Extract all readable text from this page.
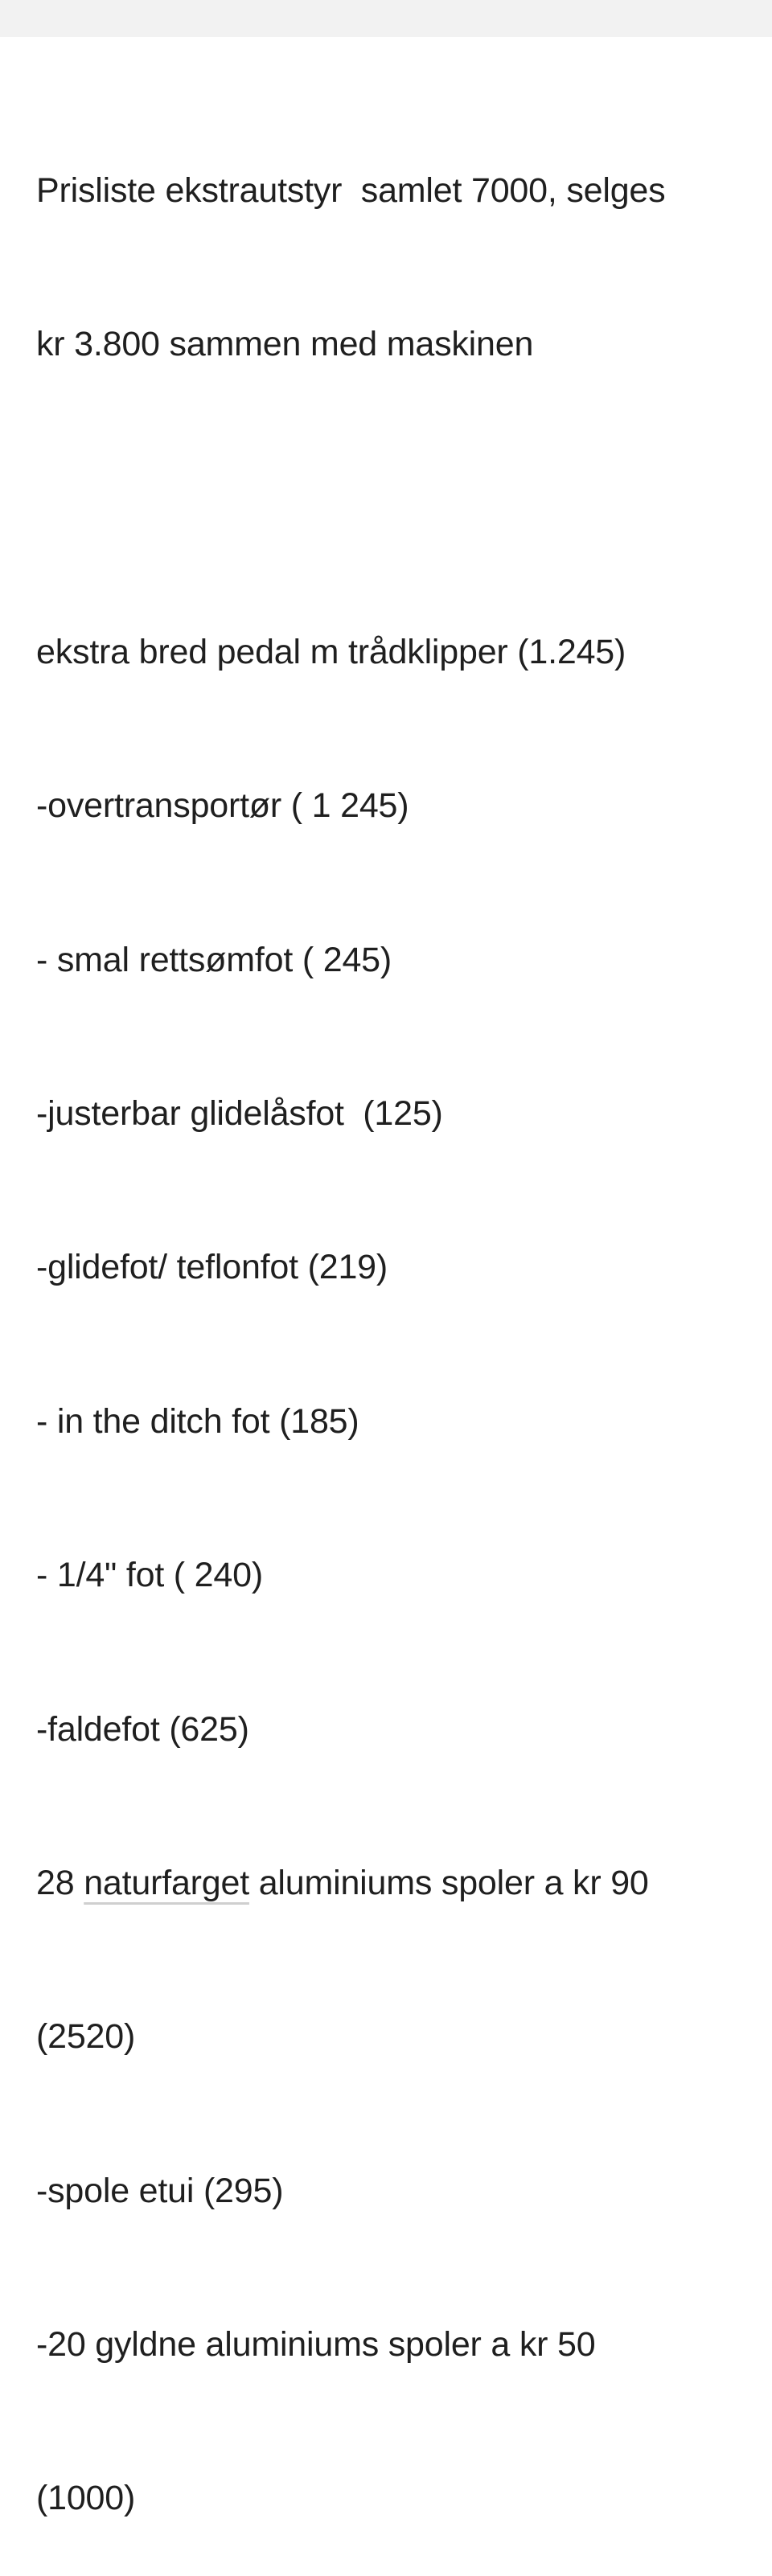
Prisliste ekstrautstyr  samlet 7000, selges

kr 3.800 sammen med maskinen

ekstra bred pedal m trådklipper (1.245)

-overtransportør ( 1 245)

- smal rettsømfot ( 245)

-justerbar glidelåsfot  (125)

-glidefot/ teflonfot (219)

- in the ditch fot (185)

- 1/4" fot ( 240)

-faldefot (625)

28 naturfarget aluminiums spoler a kr 90

(2520)

-spole etui (295)

-20 gyldne aluminiums spoler a kr 50

(1000)
